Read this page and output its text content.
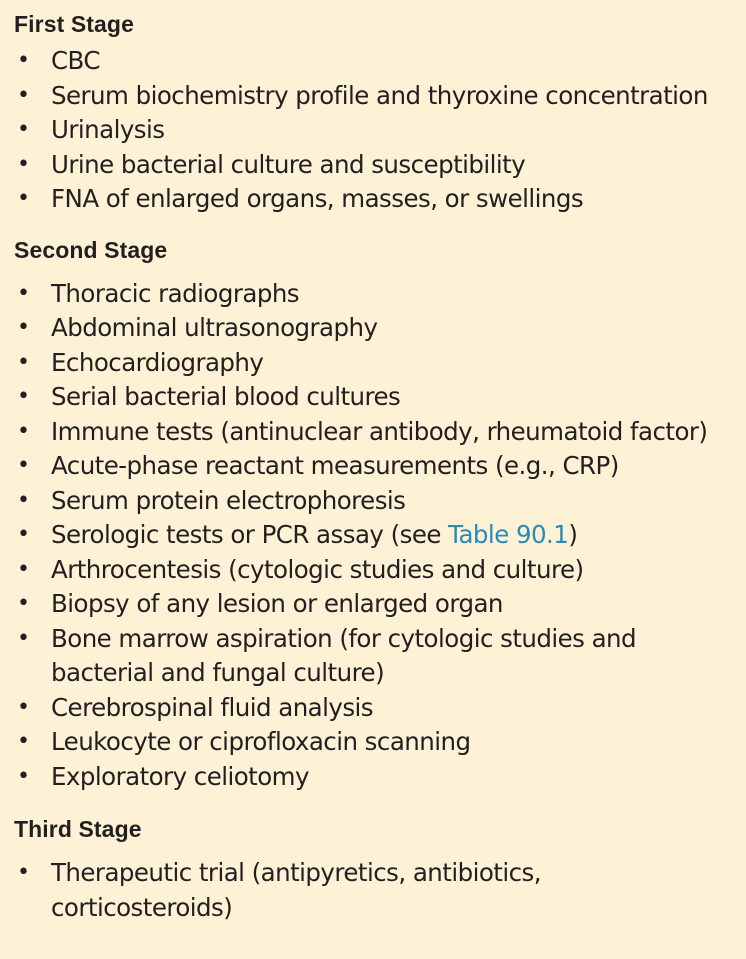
First Stage
• CBC
• Serum biochemistry profile and thyroxine concentration
• Urinalysis
• Urine bacterial culture and susceptibility
• FNA of enlarged organs, masses, or swellings
Second Stage
• Thoracic radiographs
• Abdominal ultrasonography
• Echocardiography
• Serial bacterial blood cultures
• Immune tests (antinuclear antibody, rheumatoid factor)
• Acute-phase reactant measurements (e.g., CRP)
• Serum protein electrophoresis
• Serologic tests or PCR assay (see Table 90.1)
• Arthrocentesis (cytologic studies and culture)
• Biopsy of any lesion or enlarged organ
• Bone marrow aspiration (for cytologic studies and
bacterial and fungal culture)
• Cerebrospinal fluid analysis
• Leukocyte or ciprofloxacin scanning
• Exploratory celiotomy
Third Stage
• Therapeutic trial (antipyretics, antibiotics,
corticosteroids)
